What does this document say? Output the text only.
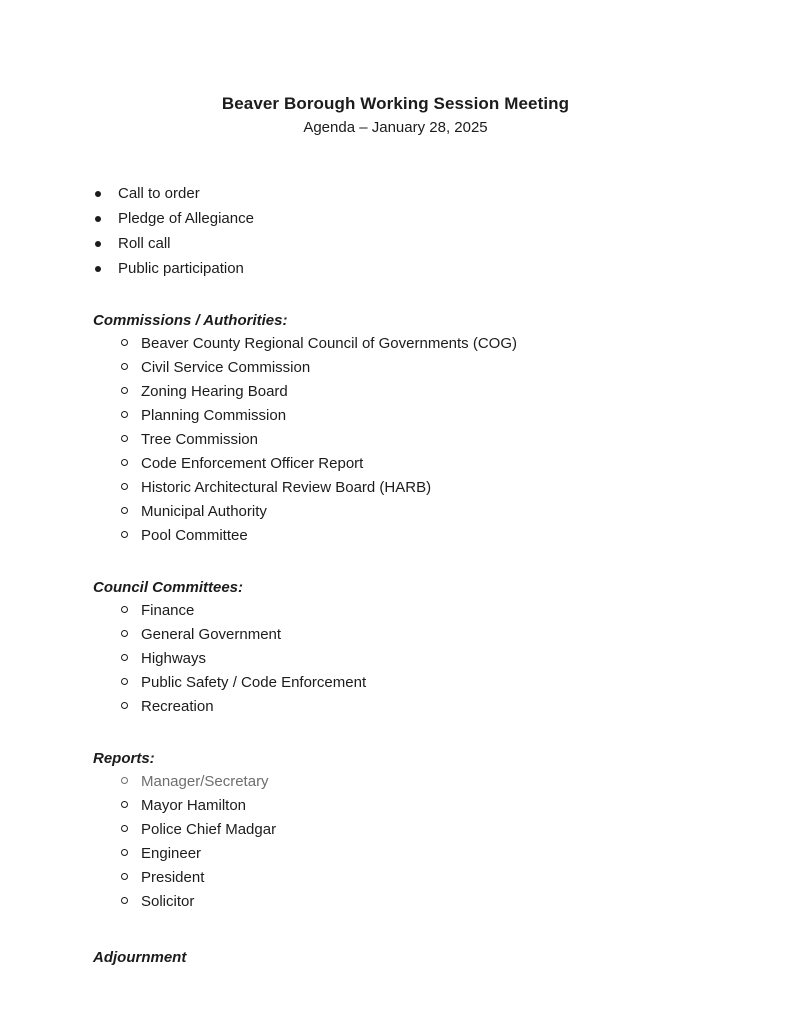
Beaver Borough Working Session Meeting
Agenda – January 28, 2025
Call to order
Pledge of Allegiance
Roll call
Public participation
Commissions / Authorities:
Beaver County Regional Council of Governments (COG)
Civil Service Commission
Zoning Hearing Board
Planning Commission
Tree Commission
Code Enforcement Officer Report
Historic Architectural Review Board (HARB)
Municipal Authority
Pool Committee
Council Committees:
Finance
General Government
Highways
Public Safety / Code Enforcement
Recreation
Reports:
Manager/Secretary
Mayor Hamilton
Police Chief Madgar
Engineer
President
Solicitor
Adjournment
